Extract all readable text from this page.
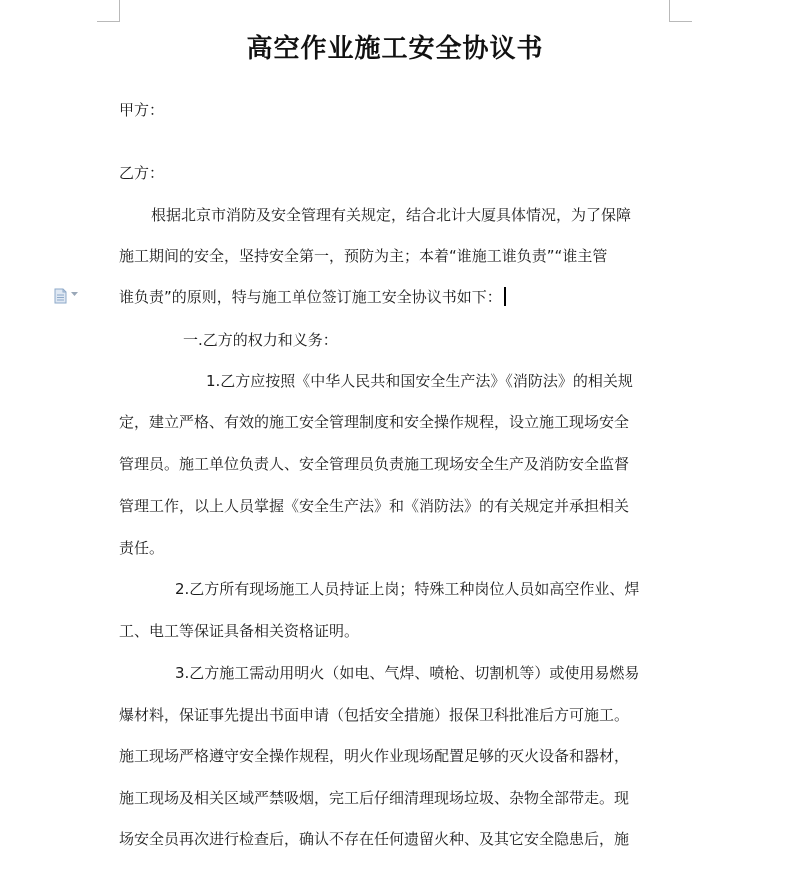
高空作业施工安全协议书
甲方：
乙方：
根据北京市消防及安全管理有关规定，结合北计大厦具体情况，为了保障
施工期间的安全，坚持安全第一，预防为主；本着“谁施工谁负责”“谁主管
谁负责”的原则，特与施工单位签订施工安全协议书如下：
一.乙方的权力和义务：
1.乙方应按照《中华人民共和国安全生产法》《消防法》的相关规
定，建立严格、有效的施工安全管理制度和安全操作规程，设立施工现场安全
管理员。施工单位负责人、安全管理员负责施工现场安全生产及消防安全监督
管理工作，以上人员掌握《安全生产法》和《消防法》的有关规定并承担相关
责任。
2.乙方所有现场施工人员持证上岗；特殊工种岗位人员如高空作业、焊
工、电工等保证具备相关资格证明。
3.乙方施工需动用明火（如电、气焊、喷枪、切割机等）或使用易燃易
爆材料，保证事先提出书面申请（包括安全措施）报保卫科批准后方可施工。
施工现场严格遵守安全操作规程，明火作业现场配置足够的灭火设备和器材，
施工现场及相关区域严禁吸烟，完工后仔细清理现场垃圾、杂物全部带走。现
场安全员再次进行检查后，确认不存在任何遗留火种、及其它安全隐患后，施
